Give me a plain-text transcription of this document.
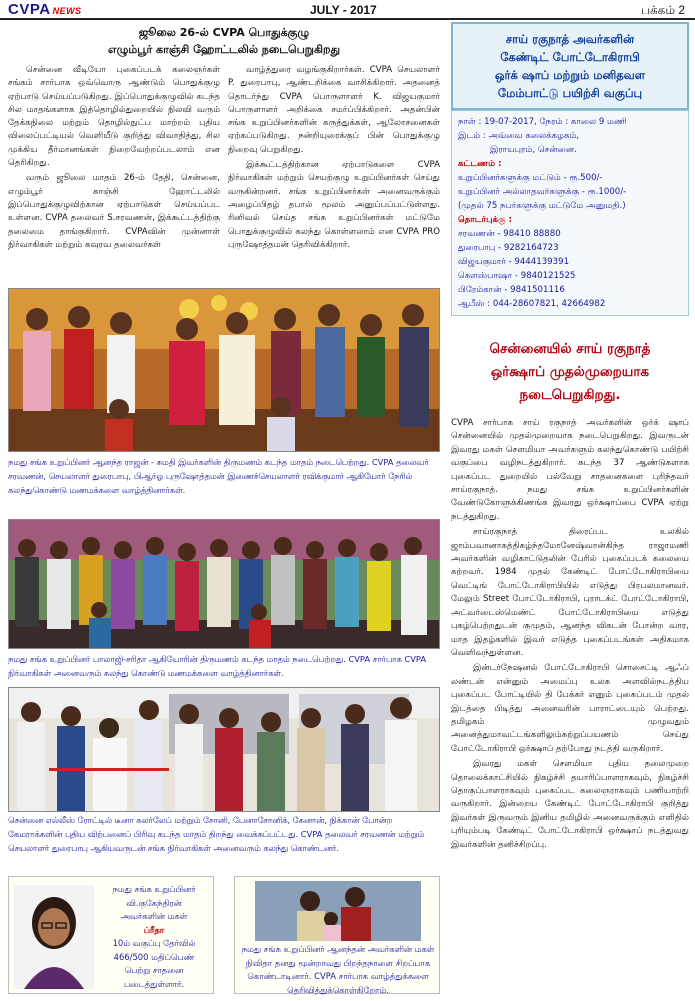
CVPA NEWS	JULY - 2017	பக்கம் 2
ஜூலை 26-ல் CVPA பொதுக்குழு
எழும்பூர் காஞ்சி ஹோட்டலில் நடைபெறுகிறது

சென்னை வீடியோ புகைப்படக் கலைஞர்கள் சங்கம் சார்பாக ஒவ்வொரு ஆண்டும் பொதுக்குழு ஏற்பாடு செய்யப்படுகிறது. இப்பொதுக்குழுவில் கடந்த சில மாதங்களாக இத்தொழில்துறையில் நிலவி வரும் தேக்கநிலை மற்றும் தொழில்நுட்ப மாற்றம் புதிய விலைப்பட்டியல் வெளியீடு குறித்து விவாதித்து, சில முக்கிய தீர்மானங்கள் நிறைவேற்றப்படலாம் என தெரிகிறது.

வரும் ஜூலை மாதம் 26-ம் தேதி, சென்னை, எழும்பூர் காஞ்சி ஹோட்டலில் இப்பொதுக்குழுவிற்கான ஏற்பாடுகள் செய்யப்பட உள்ளன. CVPA தலைவர் S.சரவணன், இக்கூட்டத்திற்கு தலைமை தாங்குகிறார். CVPAவின் முன்னாள் நிர்வாகிகள் மற்றும் கவுரவ தலைவர்கள்

வாழ்த்துரை வழங்குகிறார்கள். CVPA செயலாளர் P. துரைபாபு, ஆண்டறிக்கை வாசிக்கிறார். அதனைத் தொடர்ந்து CVPA பொருளாளர் K. விஜயகுமார் பொருளாளர் அறிக்கை சமர்ப்பிக்கிறார். அதன்பின் சங்க உறுப்பினர்களின் கருத்துக்கள், ஆலோசனைகள் ஏற்கப்படுகிறது. நன்றியுரைக்குப் பின் பொதுக்குழு நிறைவு பெறுகிறது.

இக்கூட்டத்திற்கான ஏற்பாடுகளை CVPA நிர்வாகிகள் மற்றும் செயற்குழு உறுப்பினர்கள் செய்து வருகின்றனர். சங்க உறுப்பினர்கள் அனைவருக்கும் அழைப்பிதழ் தபால் மூலம் அனுப்பப்பட்டுள்ளது. ரினிவல் செய்த சங்க உறுப்பினர்கள் மட்டுமே பொதுக்குழுவில் கலந்து கொள்ளலாம் என CVPA PRO புருஷோத்தமன் தெரிவிக்கிறார்.

நமது சங்க உறுப்பினர் ஆனந்த ராஜன் - சுமதி இவர்களின் திருமணம் கடந்த மாதம் நடைபெற்றது. CVPA தலைவர் சரவணன், செயலாளர் துரைபாபு, பிஆர்ஓ புருஷோத்தமன் இணைச்செயலாளர் ரவிக்குமார் ஆகியோர் நேரில் கலந்துகொண்டு மணமக்களை வாழ்த்தினார்கள்.
நமது சங்க உறுப்பினர் பாலாஜி-சரிதா ஆகியோரின் திருமணம் கடந்த மாதம் நடைபெற்றது. CVPA சார்பாக CVPA நிர்வாகிகள் அனைவரும் கலந்து கொண்டு மணமக்களை வாழ்த்தினார்கள்.
சென்னை எல்லீஸ் ரோட்டில் டீனா கலர்லேப் மற்றும் சோனி, பேனாசோனிக், கேனான், நிக்கான் போன்ற கேமராக்களின் புதிய விற்பனைப் பிரிவு கடந்த மாதம் திறந்து வைக்கப்பட்டது. CVPA தலைவர் சரவணன் மற்றும் செயலாளர் துரைபாபு ஆகியவருடன் சங்க நிர்வாகிகள் அனைவரும் கலந்து கொண்டனர்.
நமது சங்க உறுப்பினர்
வி.குகேந்திரன்
அவர்களின் மகள்
ப்ரீதா
10ம் வகுப்பு தேர்வில்
466/500 மதிப்பெண்
பெற்று சாதனை
படைத்துள்ளார்.
நமது சங்க உறுப்பினர் ஆனந்தன் அவர்களின் மகள் நிவிதா தனது மூன்றாவது பிறந்தநாளை சிறப்பாக கொண்டாடினார். CVPA சார்பாக வாழ்த்துக்களை தெரிவித்துக்கொள்கிறோம்.
சாய் ரகுநாத் அவர்களின்
கேண்டிட் போட்டோகிராபி
ஒர்க் ஷாப் மற்றும் மனிதவள
மேம்பாட்டு பயிற்சி வகுப்பு
நாள் : 19-07-2017, நேரம் : காலை 9 மணி
இடம் : அவ்வை கலைக்கழகம்,
இராயபுரம், சென்னை.
கட்டணம் :
உறுப்பினர்களுக்கு மட்டும் - ரூ.500/-
உறுப்பினர் அல்லாதவர்களுக்கு - ரூ.1000/-
(முதல் 75 நபர்களுக்கு மட்டுமே அனுமதி.)
தொடர்புக்கு :
சரவணன் - 98410 88880
துரைபாபு - 9282164723
விஜயகுமார் - 9444139391
கௌஸ்பாஷா - 9840121525
பிரேம்கான் - 9841501116
ஆபீஸ் : 044-28607821, 42664982
சென்னையில் சாய் ரகுநாத்
ஒர்க்ஷாப் முதல்முறையாக
நடைபெறுகிறது.

CVPA சார்பாக சாய் ரகுநாத் அவர்களின் ஒர்க் ஷாப் சென்னையில் முதல்முறையாக நடைபெறுகிறது. இவருடன் இவரது மகள் செளமியா அவர்களும் கலந்துகொண்டு பயிற்சி வகுப்பை வழிநடத்துகிறார். கடந்த 37 ஆண்டுகளாக புகைப்பட துறையில் பல்வேறு சாதனைகளை புரிந்தவர் சாய்ரகுநாத். நமது சங்க உறுப்பினர்களின் வேண்டுகோளுக்கிணங்க இவரது ஒர்க்ஷாப்பை CVPA ஏற்று நடத்துகிறது.

சாய்ரகுநாத் திரைப்பட உலகில் ஜாம்பவானாகத்திகழ்ந்தமோனேஷ்வான்கிந்த ராஜாமணி அவர்களின் வழிகாட்டுதலின் பேரில் புகைப்படக் கலையை கற்றவர். 1984 முதல் கேண்டிட் போட்டோகிராபியை வெட்டிங் போட்டோகிராபியில் எடுத்து பிரபலமானவர். மேலும் Street போட்டோகிராபி, புராடக்ட் போட்டோகிராபி, அட்வர்டைஸ்மெண்ட் போட்டோகிராபியை எடுத்து புகழ்பெற்றதுடன் குமுதம், ஆனந்த விகடன் போன்ற வார, மாத இதழ்களில் இவர் எடுத்த புகைப்படங்கள் அதிகமாக வெளிவந்துள்ளன.

இன்டர்நேஷனல் போட்டோகிராபி சொசைட்டி ஆஃப் லண்டன் என்னும் அமைப்பு உலக அளவில்நடத்திய புகைப்பட போட்டியில் தி பேக்கர் எனும் புகைப்படம் முதல் இடத்தை பிடித்து அனைவரின் பாராட்டையும் பெற்றது. தமிழகம் முழுவதும் அனைத்துமாவட்டங்களிலும்சுற்றுப்பயணம் செய்து போட்டோகிராபி ஒர்க்ஷாப் தற்போது நடத்தி வருகிறார்.

இவரது மகள் செளமியா புதிய தலைமுறை தொலைக்காட்சியில் நிகழ்ச்சி தயாரிப்பாளராகவும், நிகழ்ச்சி தொகுப்பாளராகவும் புகைப்பட கலைஞராகவும் பணியாற்றி வருகிறார். இன்றைய கேண்டிட் போட்டோகிராபி குறித்து இவர்கள் இருவரும் இனிய தமிழில் அனைவருக்கும் எளிதில் புரியும்படி கேண்டிட் போட்டோகிராபி ஒர்க்ஷாப் நடத்துவது இவர்களின் தனிச்சிறப்பு.
